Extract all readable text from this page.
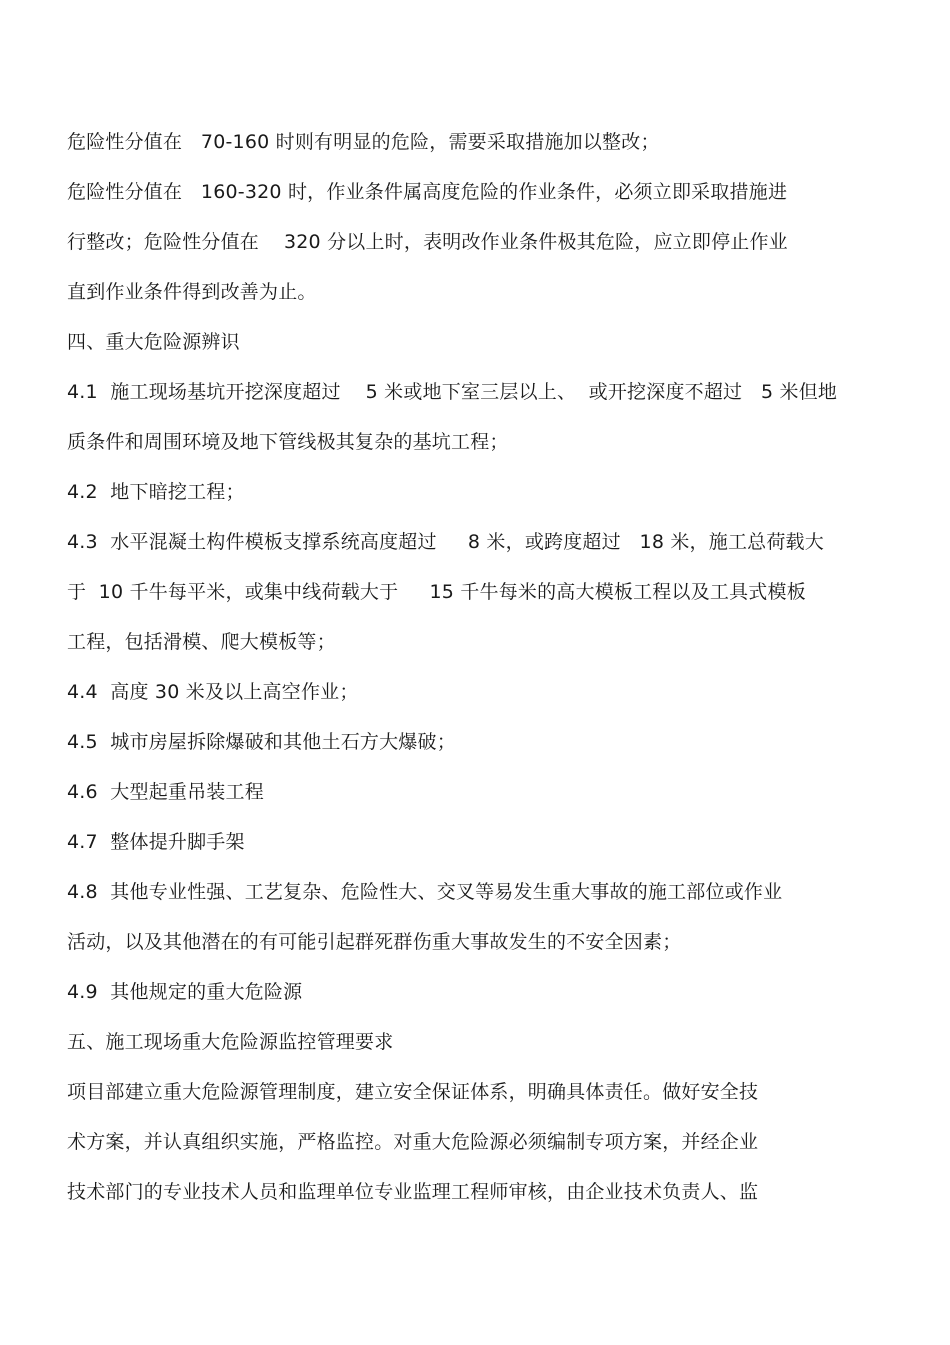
危险性分值在   70-160 时则有明显的危险，需要采取措施加以整改；
危险性分值在   160-320 时，作业条件属高度危险的作业条件，必须立即采取措施进
行整改；危险性分值在    320 分以上时，表明改作业条件极其危险，应立即停止作业
直到作业条件得到改善为止。
四、重大危险源辨识
4.1  施工现场基坑开挖深度超过    5 米或地下室三层以上、  或开挖深度不超过   5 米但地
质条件和周围环境及地下管线极其复杂的基坑工程；
4.2  地下暗挖工程；
4.3  水平混凝土构件模板支撑系统高度超过     8 米，或跨度超过   18 米，施工总荷载大
于  10 千牛每平米，或集中线荷载大于     15 千牛每米的高大模板工程以及工具式模板
工程，包括滑模、爬大模板等；
4.4  高度 30 米及以上高空作业；
4.5  城市房屋拆除爆破和其他土石方大爆破；
4.6  大型起重吊装工程
4.7  整体提升脚手架
4.8  其他专业性强、工艺复杂、危险性大、交叉等易发生重大事故的施工部位或作业
活动，以及其他潜在的有可能引起群死群伤重大事故发生的不安全因素；
4.9  其他规定的重大危险源
五、施工现场重大危险源监控管理要求
项目部建立重大危险源管理制度，建立安全保证体系，明确具体责任。做好安全技
术方案，并认真组织实施，严格监控。对重大危险源必须编制专项方案，并经企业
技术部门的专业技术人员和监理单位专业监理工程师审核，由企业技术负责人、监
